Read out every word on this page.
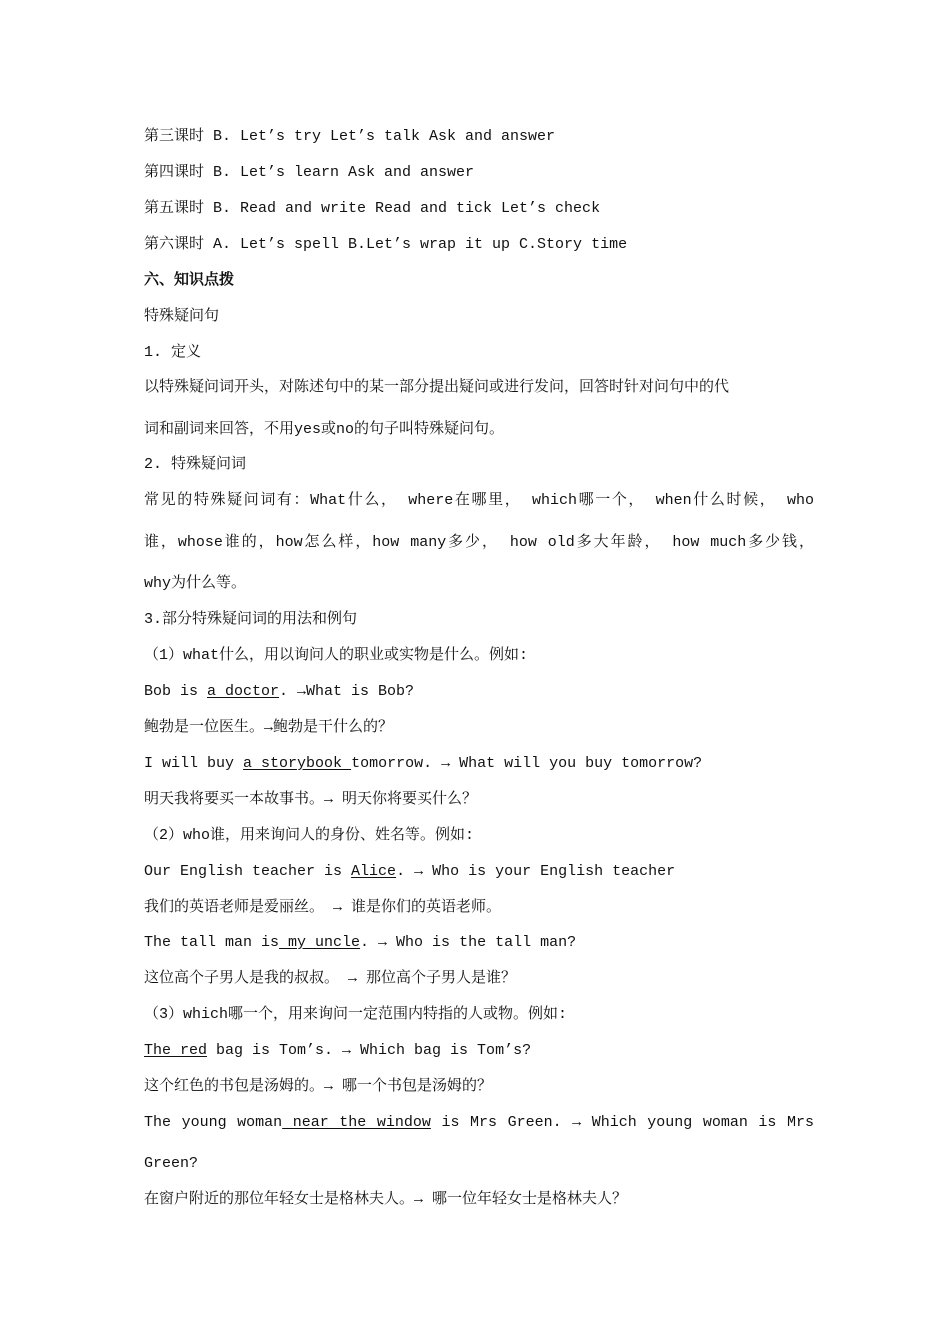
第三课时 B. Let’s try Let’s talk Ask and answer
第四课时 B. Let’s learn Ask and answer
第五课时 B. Read and write Read and tick Let’s check
第六课时 A. Let’s spell B.Let’s wrap it up C.Story time
六、知识点拨
特殊疑问句
1. 定义
以特殊疑问词开头，对陈述句中的某一部分提出疑问或进行发问，回答时针对问句中的代
词和副词来回答，不用yes或no的句子叫特殊疑问句。
2. 特殊疑问词
常见的特殊疑问词有：What什么， where在哪里， which哪一个， when什么时候， who
谁，whose谁的，how怎么样，how many多少， how old多大年龄， how much多少钱，
why为什么等。
3.部分特殊疑问词的用法和例句
（1）what什么，用以询问人的职业或实物是什么。例如:
Bob is a doctor. →What is Bob?
鲍勃是一位医生。→鲍勃是干什么的？
I will buy a storybook tomorrow. → What will you buy tomorrow?
明天我将要买一本故事书。→ 明天你将要买什么？
（2）who谁，用来询问人的身份、姓名等。例如:
Our English teacher is Alice. → Who is your English teacher
我们的英语老师是爱丽丝。 → 谁是你们的英语老师。
The tall man is my uncle. → Who is the tall man?
这位高个子男人是我的叔叔。 → 那位高个子男人是谁？
（3）which哪一个，用来询问一定范围内特指的人或物。例如:
The red bag is Tom’s. → Which bag is Tom’s?
这个红色的书包是汤姆的。→ 哪一个书包是汤姆的？
The young woman near the window is Mrs Green. → Which young woman is Mrs
Green?
在窗户附近的那位年轻女士是格林夫人。→ 哪一位年轻女士是格林夫人？
